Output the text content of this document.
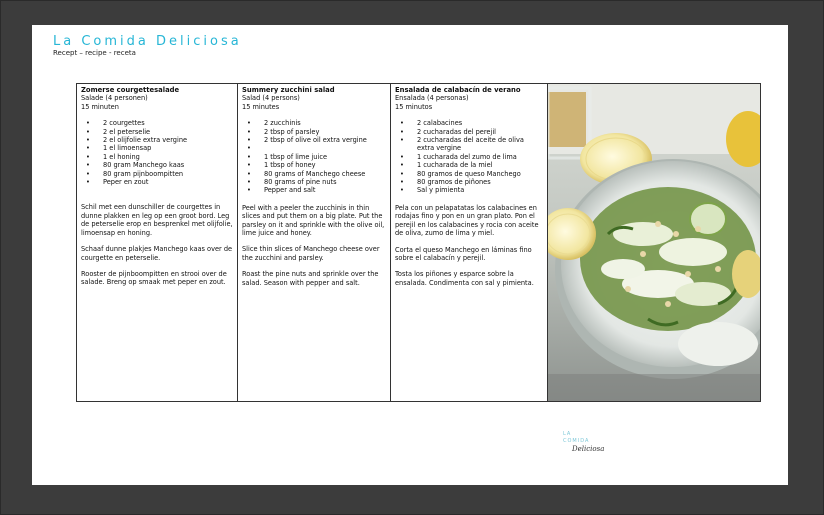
La Comida Deliciosa
Recept – recipe - receta
Zomerse courgettesalade

Salade (4 personen)

15 minuten

• 2 courgettes
• 2 el peterselie
• 2 el olijfolie extra vergine
• 1 el limoensap
• 1 el honing
• 80 gram Manchego kaas
• 80 gram pijnboompitten
• Peper en zout

Schil met een dunschiller de courgettes in dunne plakken en leg op een groot bord. Leg de peterselie erop en besprenkel met olijfolie, limoensap en honing.

Schaaf dunne plakjes Manchego kaas over de courgette en peterselie.

Rooster de pijnboompitten en strooi over de salade. Breng op smaak met peper en zout.

Summery zucchini salad

Salad (4 persons)

15 minutes

• 2 zucchinis
• 2 tbsp of parsley
• 2 tbsp of olive oil extra vergine
•
• 1 tbsp of lime juice
• 1 tbsp of honey
• 80 grams of Manchego cheese
• 80 grams of pine nuts
• Pepper and salt

Peel with a peeler the zucchinis in thin slices and put them on a big plate. Put the parsley on it and sprinkle with the olive oil, lime juice and honey.

Slice thin slices of Manchego cheese over the zucchini and parsley.

Roast the pine nuts and sprinkle over the salad. Season with pepper and salt.

Ensalada de calabacín de verano

Ensalada (4 personas)

15 minutos

• 2 calabacines
• 2 cucharadas del perejil
• 2 cucharadas del aceite de oliva extra vergine
• 1 cucharada del zumo de lima
• 1 cucharada de la miel
• 80 gramos de queso Manchego
• 80 gramos de piñones
• Sal y pimienta

Pela con un pelapatatas los calabacines en rodajas fino y pon en un gran plato. Pon el perejil en los calabacines y rocia con aceite de oliva, zumo de lima y miel.

Corta el queso Manchego en láminas fino sobre el calabacín y perejil.

Tosta los piñones y esparce sobre la ensalada. Condimenta con sal y pimienta.

LA
COMIDA
Deliciosa
